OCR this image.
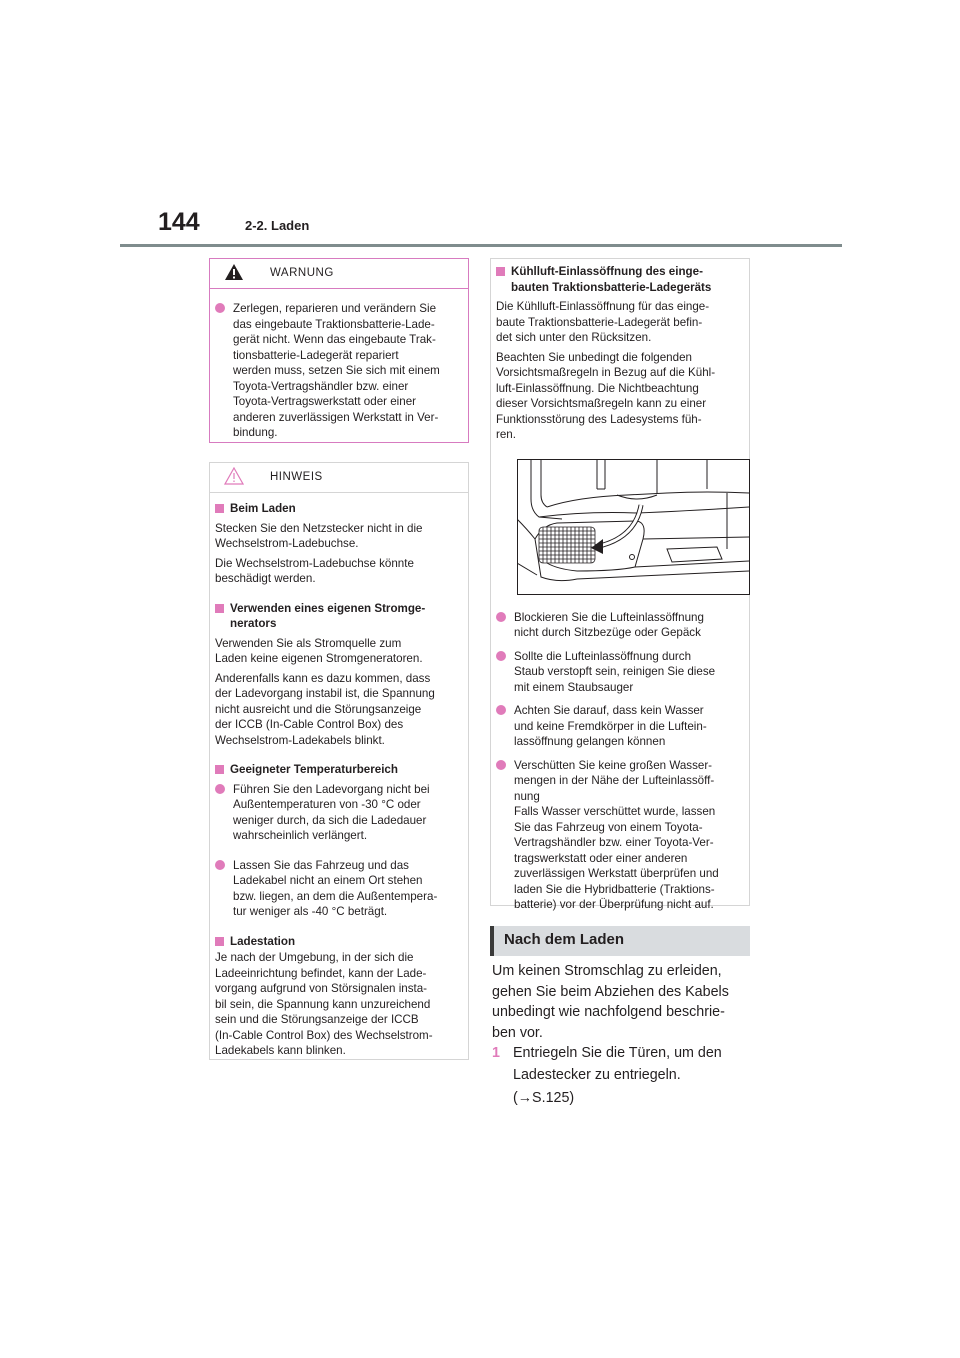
144	2-2. Laden
WARNUNG
Zerlegen, reparieren und verändern Sie
das eingebaute Traktionsbatterie-Lade-
gerät nicht. Wenn das eingebaute Trak-
tionsbatterie-Ladegerät repariert
werden muss, setzen Sie sich mit einem
Toyota-Vertragshändler bzw. einer
Toyota-Vertragswerkstatt oder einer
anderen zuverlässigen Werkstatt in Ver-
bindung.
HINWEIS
Beim Laden

Stecken Sie den Netzstecker nicht in die
Wechselstrom-Ladebuchse.

Die Wechselstrom-Ladebuchse könnte
beschädigt werden.

Verwenden eines eigenen Stromge-
nerators

Verwenden Sie als Stromquelle zum
Laden keine eigenen Stromgeneratoren.

Anderenfalls kann es dazu kommen, dass
der Ladevorgang instabil ist, die Spannung
nicht ausreicht und die Störungsanzeige
der ICCB (In-Cable Control Box) des
Wechselstrom-Ladekabels blinkt.

Geeigneter Temperaturbereich
Führen Sie den Ladevorgang nicht bei
Außentemperaturen von -30 °C oder
weniger durch, da sich die Ladedauer
wahrscheinlich verlängert.
Lassen Sie das Fahrzeug und das
Ladekabel nicht an einem Ort stehen
bzw. liegen, an dem die Außentempera-
tur weniger als -40 °C beträgt.
Ladestation

Je nach der Umgebung, in der sich die
Ladeeinrichtung befindet, kann der Lade-
vorgang aufgrund von Störsignalen insta-
bil sein, die Spannung kann unzureichend
sein und die Störungsanzeige der ICCB
(In-Cable Control Box) des Wechselstrom-
Ladekabels kann blinken.

Kühlluft-Einlassöffnung des einge-
bauten Traktionsbatterie-Ladegeräts

Die Kühlluft-Einlassöffnung für das einge-
baute Traktionsbatterie-Ladegerät befin-
det sich unter den Rücksitzen.

Beachten Sie unbedingt die folgenden
Vorsichtsmaßregeln in Bezug auf die Kühl-
luft-Einlassöffnung. Die Nichtbeachtung
dieser Vorsichtsmaßregeln kann zu einer
Funktionsstörung des Ladesystems füh-
ren.

Blockieren Sie die Lufteinlassöffnung
nicht durch Sitzbezüge oder Gepäck
Sollte die Lufteinlassöffnung durch
Staub verstopft sein, reinigen Sie diese
mit einem Staubsauger
Achten Sie darauf, dass kein Wasser
und keine Fremdkörper in die Luftein-
lassöffnung gelangen können
Verschütten Sie keine großen Wasser-
mengen in der Nähe der Lufteinlassöff-
nung
Falls Wasser verschüttet wurde, lassen
Sie das Fahrzeug von einem Toyota-
Vertragshändler bzw. einer Toyota-Ver-
tragswerkstatt oder einer anderen
zuverlässigen Werkstatt überprüfen und
laden Sie die Hybridbatterie (Traktions-
batterie) vor der Überprüfung nicht auf.
Nach dem Laden
Um keinen Stromschlag zu erleiden,
gehen Sie beim Abziehen des Kabels
unbedingt wie nachfolgend beschrie-
ben vor.
1 Entriegeln Sie die Türen, um den
Ladestecker zu entriegeln.
(→S.125)
